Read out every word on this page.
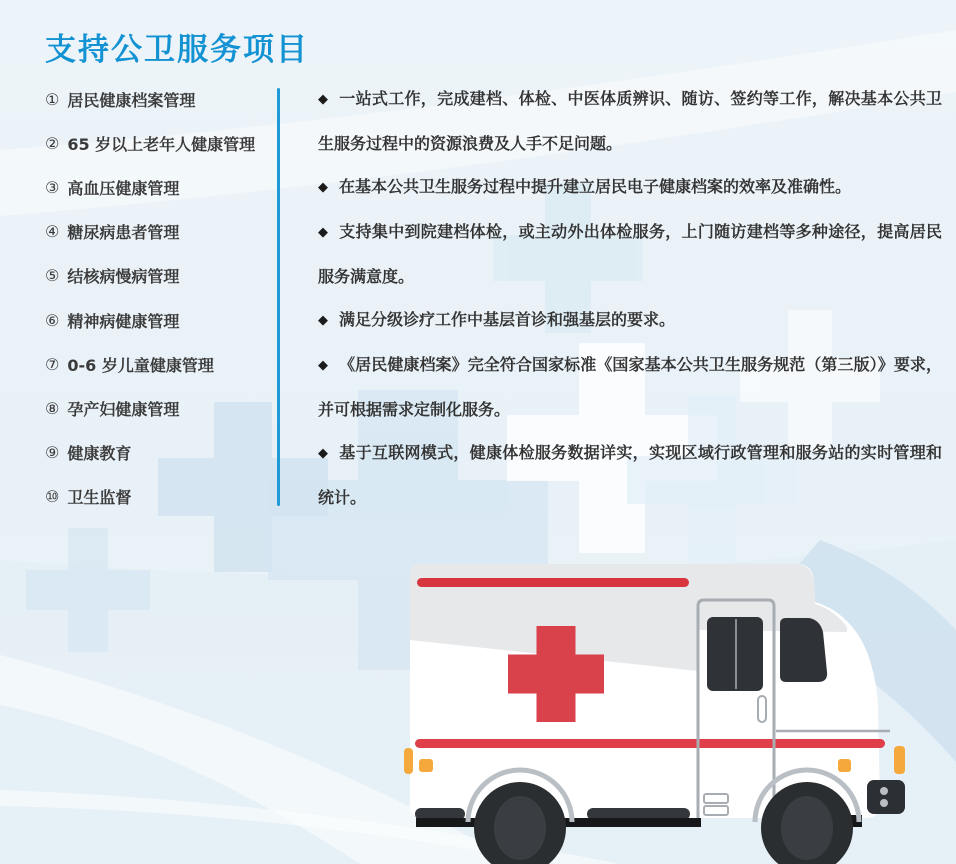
支持公卫服务项目
① 居民健康档案管理
② 65 岁以上老年人健康管理
③ 高血压健康管理
④ 糖尿病患者管理
⑤ 结核病慢病管理
⑥ 精神病健康管理
⑦ 0-6 岁儿童健康管理
⑧ 孕产妇健康管理
⑨ 健康教育
⑩ 卫生监督

◆ 一站式工作，完成建档、体检、中医体质辨识、随访、签约等工作，解决基本公共卫生服务过程中的资源浪费及人手不足问题。

◆ 在基本公共卫生服务过程中提升建立居民电子健康档案的效率及准确性。

◆ 支持集中到院建档体检，或主动外出体检服务，上门随访建档等多种途径，提高居民服务满意度。

◆ 满足分级诊疗工作中基层首诊和强基层的要求。

◆ 《居民健康档案》完全符合国家标准《国家基本公共卫生服务规范（第三版）》要求，并可根据需求定制化服务。

◆ 基于互联网模式，健康体检服务数据详实，实现区域行政管理和服务站的实时管理和统计。
